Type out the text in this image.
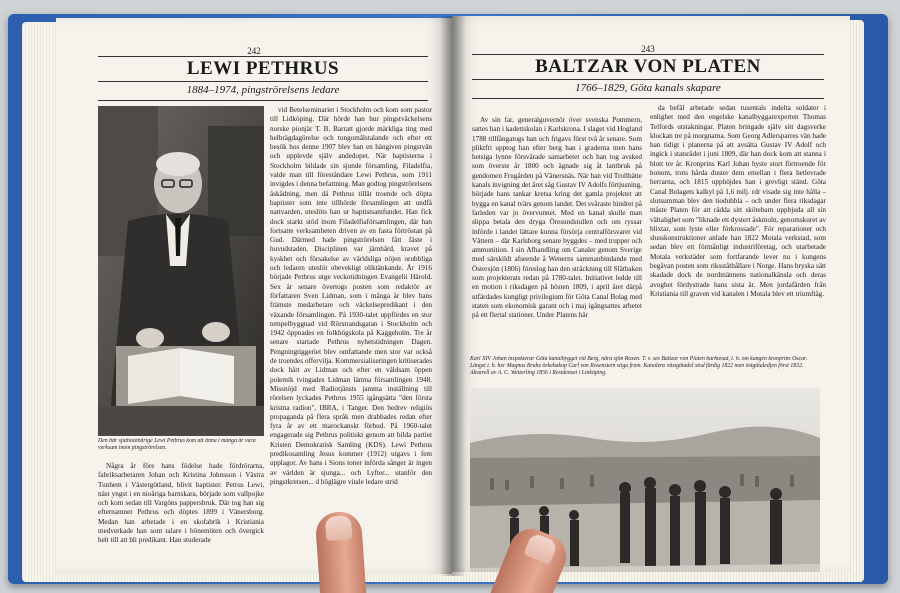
242
LEWI PETHRUS
1884–1974, pingströrelsens ledare
Den här sjuttiotånärige Lewi Pethrus kom att ännu i många år vara verksam inom pingströrelsen.

Några år före hans födelse hade fördrörarna, fabriksarbetaren Johan och Kristina Johnsson i Västra Tunhem i Västergötland, blivit baptister. Petrus Lewi, näst yngst i en nioåriga barnskara, började som vallpojke och kom sedan till Vargöns pappersbruk. Där tog han sig efternamnet Pethrus och döptes 1899 i Vänersborg. Medan han arbetade i en skofabrik i Kristiania medverkade han som talare i bönemöten och övergick helt till att bli predikant. Han studerade

vid Betelseminariet i Stockholm och kom som pastor till Lidköping. Där hörde han hur pingstväckelsens norske pionjär T. B. Barratt gjorde märkliga ting med helbrägdagörelse och tungomålstalande och efter ett besök hos denne 1907 blev han en hängiven pingstvän och upplevde själv andedopet. När baptisterna i Stockholm bildade sin sjunde församling, Filadelfia, valde man till föreståndare Lewi Pethrus, som 1911 invigdes i denna befattning. Man godtog pingströrelsens åskådning, men då Pethrus tillät troende och döpta baptister som inte tillhörde församlingen att undfå nattvarden, uteslöts han ur baptistsamfundet. Han fick dock starkt stöd inom Filadelfiaförsamlingen, där han fortsatte verksamheten driven av en fasta förtröstan på Gud. Därmed hade pingströrelsen fått fäste i huvudstaden. Disciplinen var järnhård, kravet på kyskhet och försakelse av världsliga nöjen orubbliga och ledaren uteslöt obevekligt oliktänkande. År 1916 började Pethrus utge veckotidningen Evangelii Härold. Sex år senare övertogs posten som redaktör av författaren Sven Lidman, som i många år blev hans främste medarbetare och väckelsepredikant i den växande församlingen. På 1930-talet uppfördes en stor tempelbyggnad vid Rörstrandsgatan i Stockholm och 1942 öppnades en folkhögskola på Kaggeholm. Tre år senare startade Pethrus nyhetstidningen Dagen. Pengningtiggeriet blev omfattande men stor var också de troendes offervilja. Kommersialiseringen kritiserades dock hårt av Lidman och efter en våldsam öppen polemik tvingades Lidman lämna församlingen 1948. Missnöjd med Radiotjänsts jamma inställning till rörelsen lyckades Pethrus 1955 igångsätta "den första kristna radion", IBRA, i Tanger. Den bedrev religiös propaganda på flera språk men drabbades redan efter fyra år av ett marockanskt förbud. På 1960-talet engagerade sig Pethrus politiskt genom att bilda partiet Kristen Demokratisk Samling (KDS). Lewi Pethrus predikosamling Jesus kommer (1912) utgavs i fem upplagor. Av hans i Sions toner införda sånger är ingen av världen är sjunga... och Lyfter... utanför den pingstkretsen... d höglägre vitale ledare strid

243
BALTZAR VON PLATEN
1766–1829, Göta kanals skapare

Av sin far, generalguvernör över svenska Pommern, sattes han i kadettskolan i Karlskrona. I slaget vid Hogland 1788 tillfångatogs han och frigavs först två år senare. Som pliktfri upptog han efter berg han i graderna men hans hetsiga lynne försvårade samarbetet och han tog avsked som överste år 1800 och ägnade sig åt lantbruk på gendomen Frugården på Vänersnäs. När han vid Trollhätte kanals invigning det året såg Gustav IV Adolfs förtjusning, började hans tankar kretsa kring det gamla projektet att bygga en kanal tvärs genom landet. Det svåraste hindret på farleden var ju övervunnet. Med en kanal skulle man slippa betala den dryga Öresundstullen och om ryssar införde i landet lättare kunna försörja centralförsvaret vid Vättern – där Karlsborg senare byggdes – med trupper och ammunition. I sin Afhandling om Canaler genom Sverige med särskildt afseende å Wenerns sammanbindande med Östersjön (1806) föreslog han den sträckning till Slätbaken som projekterats redan på 1780-talet. Initiativet ledde till en motion i riksdagen på hösten 1809, i april året därpå utfärdades kungligt privilegium för Göta Canal Bolag med staten som ekonomisk garant och i maj igångsattes arbetet på ett flertal stationer. Under Platens här

da befäl arbetade sedan tusentals indelta soldater i enlighet med den engelske kanalbyggarexperten Thomas Telfords utstakningar. Platen bringade själv sitt dagsverke klockan tre på morgnarna. Som Georg Adlersparres vän hade han tidigt i planerna på att avsätta Gustav IV Adolf och ingick i statsrådet i juni 1809, där han dock kom att stanna i blott tre år. Kronprins Karl Johan hyste stort förtroende för honom, trots hårda duster dem emellan i flera hetlevrade herrarna, och 1815 upphöjdes han i grevligt ständ. Göta Canal Bolagets kalkyl på 1,6 milj. rdr visade sig inte hålla – slutsumman blev den tiodubbla – och under flera riksdagar måste Platen för att rädda sitt skötebarn uppbjuda all sin vältalighet som "liknade ett dystert åskmoln, genomskuret av blixtar, som lyste eller förkrossade". För reparationer och slusskonstruktioner anlade han 1822 Motala verkstad, som sedan blev ett förmånligt industriföretag, och utarbetade Motala verkstäder som fortfarande lever nu i kungens begåvan posten som riksståthållare i Norge. Hans bryska sätt skadade dock de nordmännens nationalkänsla och deras avoghet fördystrade hans sista år. Men jordafärden från Kristiania till graven vid kanalen i Motala blev ett triumftåg.

Karl XIV Johan inspekterar Göta kanalbygget vid Berg, nära sjön Roxen. T. v. ses Baltzar von Platen barhuvad, t. h. om kungen kronprins Oscar. Längst t. h. her Magnus Brahe örkebakop Carl von Rosenstein stiga fram. Kanalens västgötadel stod färdig 1822 men östgötaledjen först 1832. Akvarell av A. C. Wetterling 1856 i Residenset i Linköping.
